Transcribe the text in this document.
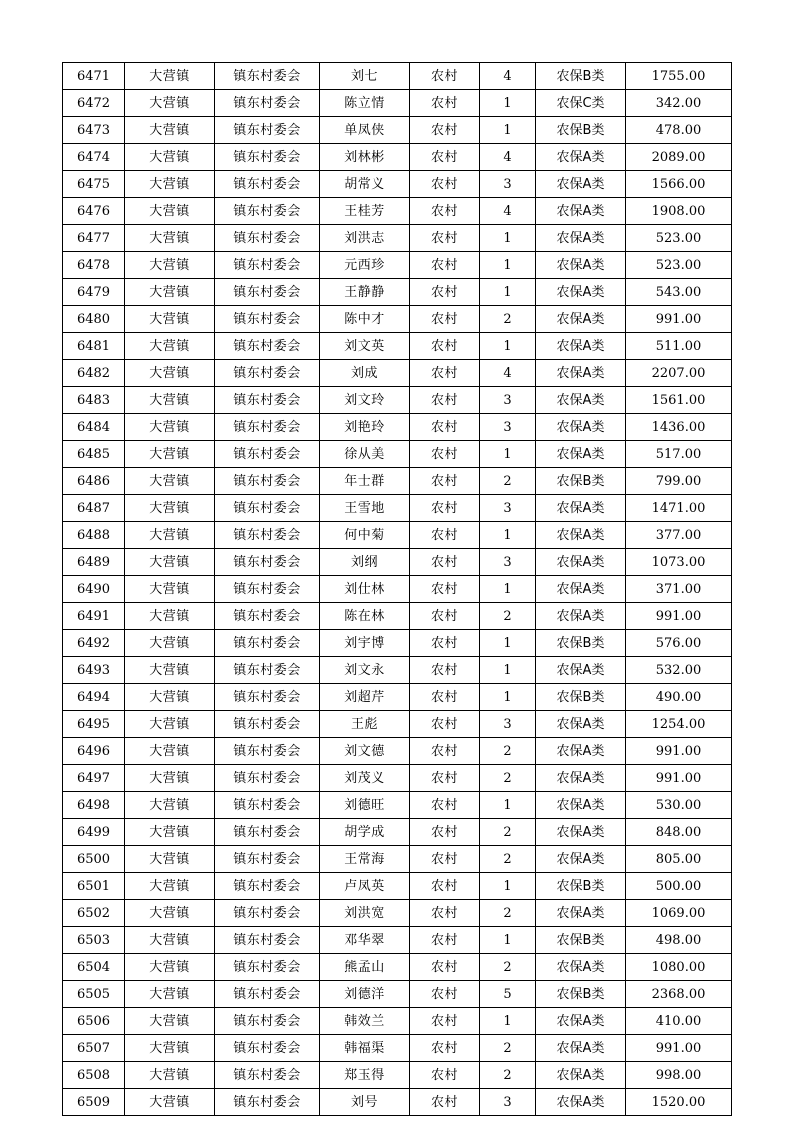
6471	大营镇	镇东村委会	刘七	农村	4	农保B类	1755.00
6472	大营镇	镇东村委会	陈立情	农村	1	农保C类	342.00
6473	大营镇	镇东村委会	单凤侠	农村	1	农保B类	478.00
6474	大营镇	镇东村委会	刘林彬	农村	4	农保A类	2089.00
6475	大营镇	镇东村委会	胡常义	农村	3	农保A类	1566.00
6476	大营镇	镇东村委会	王桂芳	农村	4	农保A类	1908.00
6477	大营镇	镇东村委会	刘洪志	农村	1	农保A类	523.00
6478	大营镇	镇东村委会	元西珍	农村	1	农保A类	523.00
6479	大营镇	镇东村委会	王静静	农村	1	农保A类	543.00
6480	大营镇	镇东村委会	陈中才	农村	2	农保A类	991.00
6481	大营镇	镇东村委会	刘文英	农村	1	农保A类	511.00
6482	大营镇	镇东村委会	刘成	农村	4	农保A类	2207.00
6483	大营镇	镇东村委会	刘文玲	农村	3	农保A类	1561.00
6484	大营镇	镇东村委会	刘艳玲	农村	3	农保A类	1436.00
6485	大营镇	镇东村委会	徐从美	农村	1	农保A类	517.00
6486	大营镇	镇东村委会	年士群	农村	2	农保B类	799.00
6487	大营镇	镇东村委会	王雪地	农村	3	农保A类	1471.00
6488	大营镇	镇东村委会	何中菊	农村	1	农保A类	377.00
6489	大营镇	镇东村委会	刘纲	农村	3	农保A类	1073.00
6490	大营镇	镇东村委会	刘仕林	农村	1	农保A类	371.00
6491	大营镇	镇东村委会	陈在林	农村	2	农保A类	991.00
6492	大营镇	镇东村委会	刘宇博	农村	1	农保B类	576.00
6493	大营镇	镇东村委会	刘文永	农村	1	农保A类	532.00
6494	大营镇	镇东村委会	刘超芹	农村	1	农保B类	490.00
6495	大营镇	镇东村委会	王彪	农村	3	农保A类	1254.00
6496	大营镇	镇东村委会	刘文德	农村	2	农保A类	991.00
6497	大营镇	镇东村委会	刘茂义	农村	2	农保A类	991.00
6498	大营镇	镇东村委会	刘德旺	农村	1	农保A类	530.00
6499	大营镇	镇东村委会	胡学成	农村	2	农保A类	848.00
6500	大营镇	镇东村委会	王常海	农村	2	农保A类	805.00
6501	大营镇	镇东村委会	卢凤英	农村	1	农保B类	500.00
6502	大营镇	镇东村委会	刘洪宽	农村	2	农保A类	1069.00
6503	大营镇	镇东村委会	邓华翠	农村	1	农保B类	498.00
6504	大营镇	镇东村委会	熊孟山	农村	2	农保A类	1080.00
6505	大营镇	镇东村委会	刘德洋	农村	5	农保B类	2368.00
6506	大营镇	镇东村委会	韩效兰	农村	1	农保A类	410.00
6507	大营镇	镇东村委会	韩福渠	农村	2	农保A类	991.00
6508	大营镇	镇东村委会	郑玉得	农村	2	农保A类	998.00
6509	大营镇	镇东村委会	刘号	农村	3	农保A类	1520.00
